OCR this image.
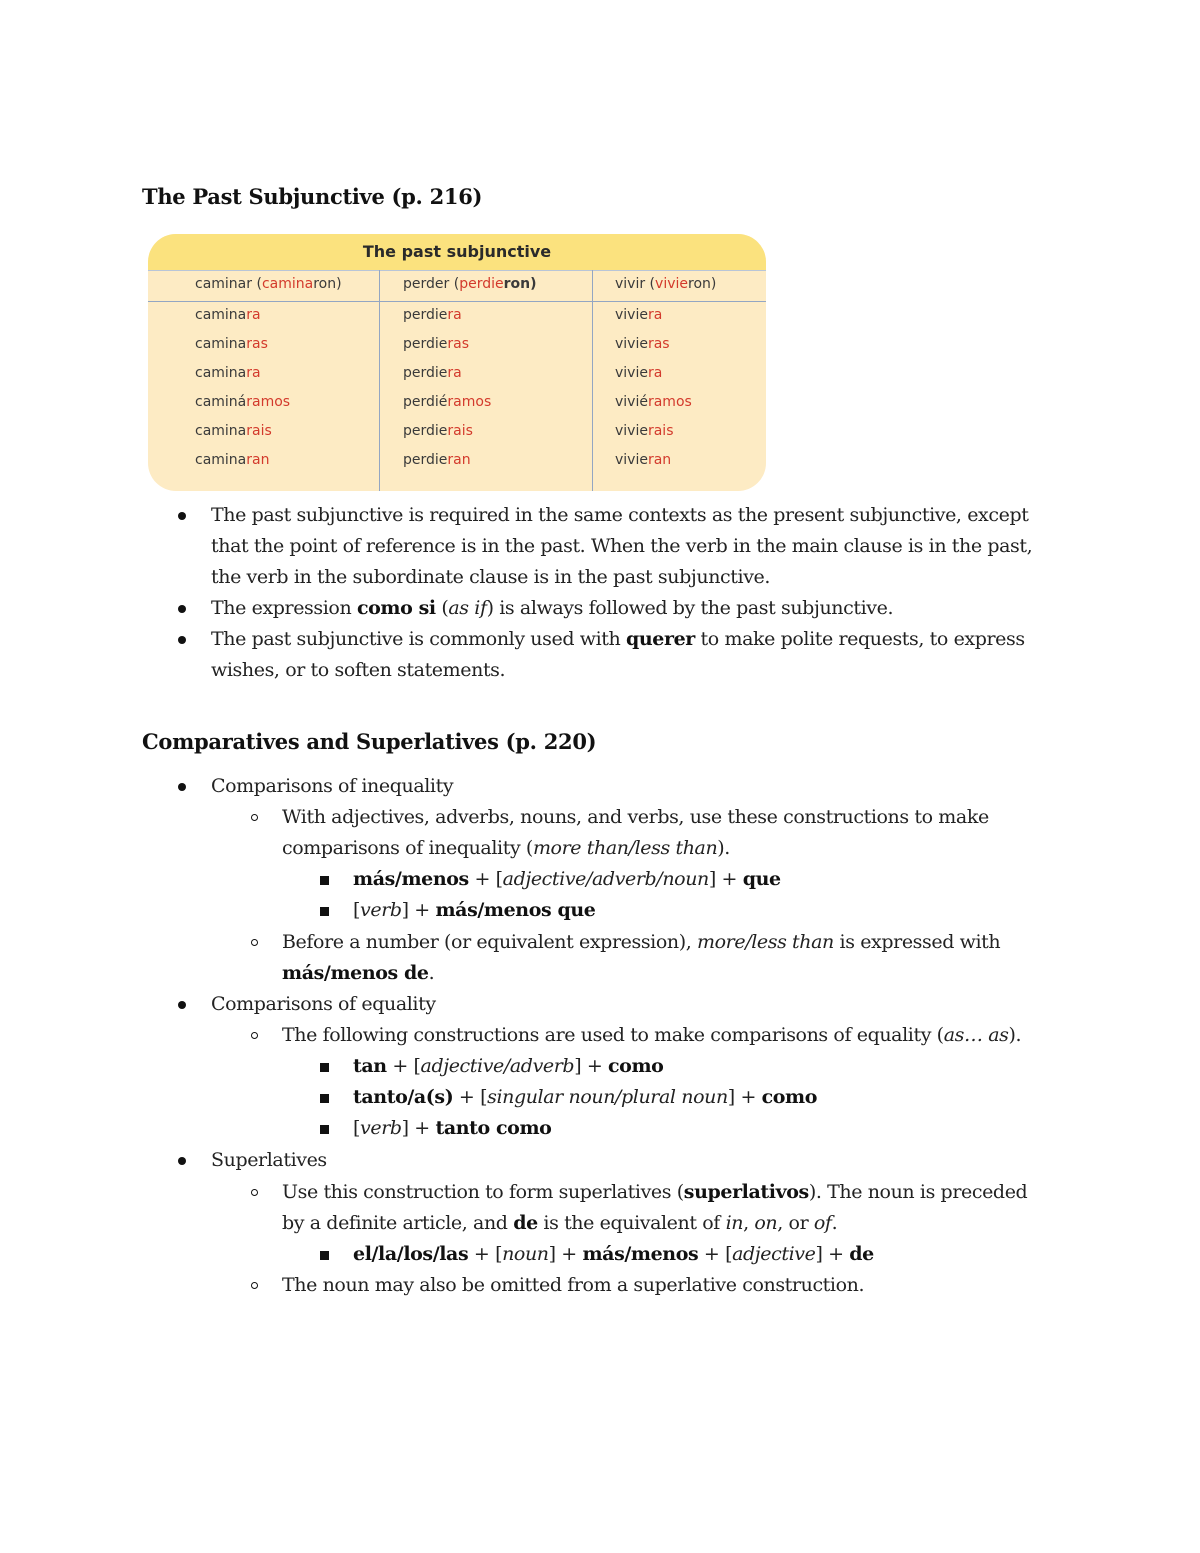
The Past Subjunctive (p. 216)
The past subjunctive
caminar (caminaron)	perder (perdieron)	vivir (vivieron)
caminara
caminaras
caminara
camináramos
caminarais
caminaran
perdiera
perdieras
perdiera
perdiéramos
perdierais
perdieran
viviera
vivieras
viviera
viviéramos
vivierais
vivieran
The past subjunctive is required in the same contexts as the present subjunctive, except
that the point of reference is in the past. When the verb in the main clause is in the past,
the verb in the subordinate clause is in the past subjunctive.
The expression como si (as if) is always followed by the past subjunctive.
The past subjunctive is commonly used with querer to make polite requests, to express
wishes, or to soften statements.
Comparatives and Superlatives (p. 220)
Comparisons of inequality
With adjectives, adverbs, nouns, and verbs, use these constructions to make
comparisons of inequality (more than/less than).
más/menos + [adjective/adverb/noun] + que
[verb] + más/menos que
Before a number (or equivalent expression), more/less than is expressed with
más/menos de.
Comparisons of equality
The following constructions are used to make comparisons of equality (as… as).
tan + [adjective/adverb] + como
tanto/a(s) + [singular noun/plural noun] + como
[verb] + tanto como
Superlatives
Use this construction to form superlatives (superlativos). The noun is preceded
by a definite article, and de is the equivalent of in, on, or of.
el/la/los/las + [noun] + más/menos + [adjective] + de
The noun may also be omitted from a superlative construction.
